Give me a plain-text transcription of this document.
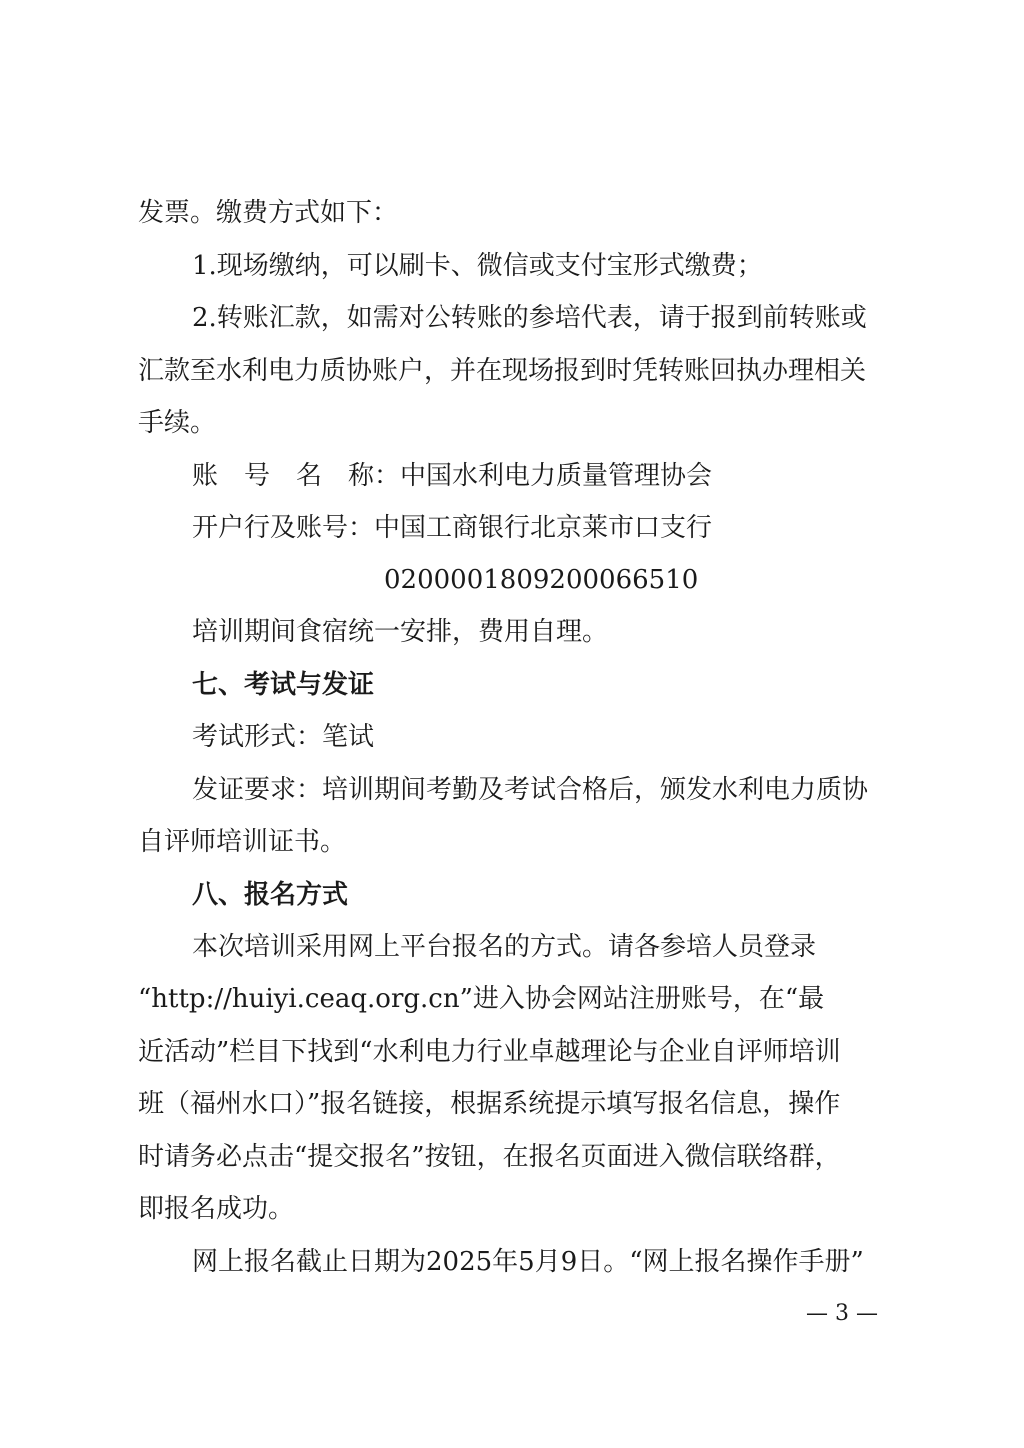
发票。缴费方式如下：
1.现场缴纳，可以刷卡、微信或支付宝形式缴费；
2.转账汇款，如需对公转账的参培代表，请于报到前转账或
汇款至水利电力质协账户，并在现场报到时凭转账回执办理相关
手续。
账　号　名　称：中国水利电力质量管理协会
开户行及账号：中国工商银行北京莱市口支行
0200001809200066510
培训期间食宿统一安排，费用自理。
七、考试与发证
考试形式：笔试
发证要求：培训期间考勤及考试合格后，颁发水利电力质协
自评师培训证书。
八、报名方式
本次培训采用网上平台报名的方式。请各参培人员登录
“http://huiyi.ceaq.org.cn”进入协会网站注册账号，在“最
近活动”栏目下找到“水利电力行业卓越理论与企业自评师培训
班（福州水口）”报名链接，根据系统提示填写报名信息，操作
时请务必点击“提交报名”按钮，在报名页面进入微信联络群，
即报名成功。
网上报名截止日期为2025年5月9日。“网上报名操作手册”
— 3 —
